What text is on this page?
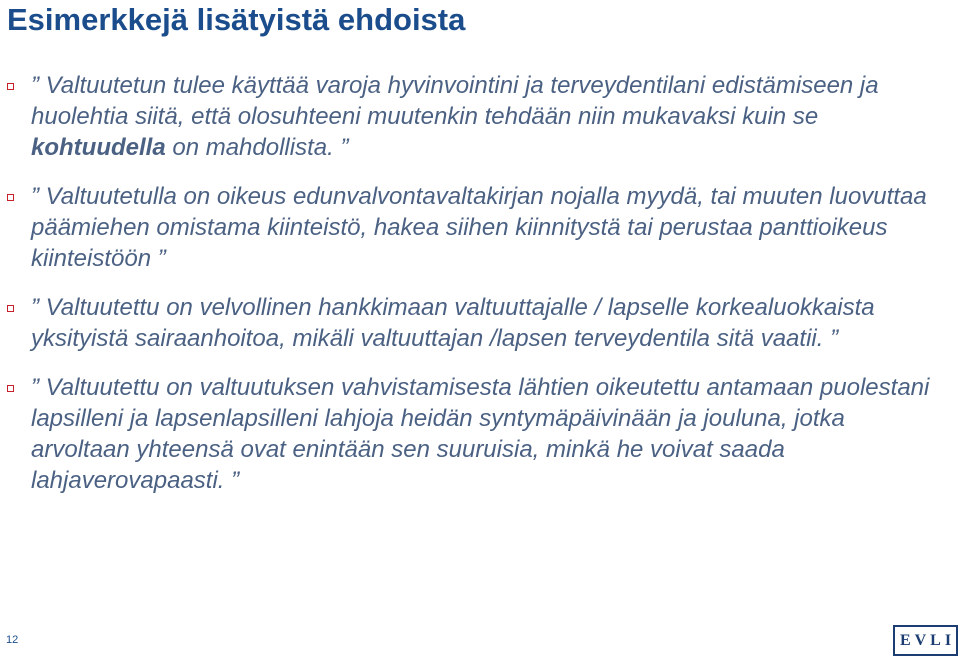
Esimerkkejä lisätyistä ehdoista
” Valtuutetun tulee käyttää varoja hyvinvointini ja terveydentilani edistämiseen ja huolehtia siitä, että olosuhteeni muutenkin tehdään niin mukavaksi kuin se kohtuudella on mahdollista. ”
” Valtuutetulla on oikeus edunvalvontavaltakirjan nojalla myydä, tai muuten luovuttaa päämiehen omistama kiinteistö, hakea siihen kiinnitystä tai perustaa panttioikeus kiinteistöön ”
” Valtuutettu on velvollinen hankkimaan valtuuttajalle / lapselle korkealuokkaista yksityistä sairaanhoitoa, mikäli valtuuttajan /lapsen terveydentila sitä vaatii. ”
” Valtuutettu on valtuutuksen vahvistamisesta lähtien oikeutettu antamaan puolestani lapsilleni ja lapsenlapsilleni lahjoja heidän syntymäpäivinään ja jouluna, jotka arvoltaan yhteensä ovat enintään sen suuruisia, minkä he voivat saada lahjaverovapaasti. ”
12	EVLI
